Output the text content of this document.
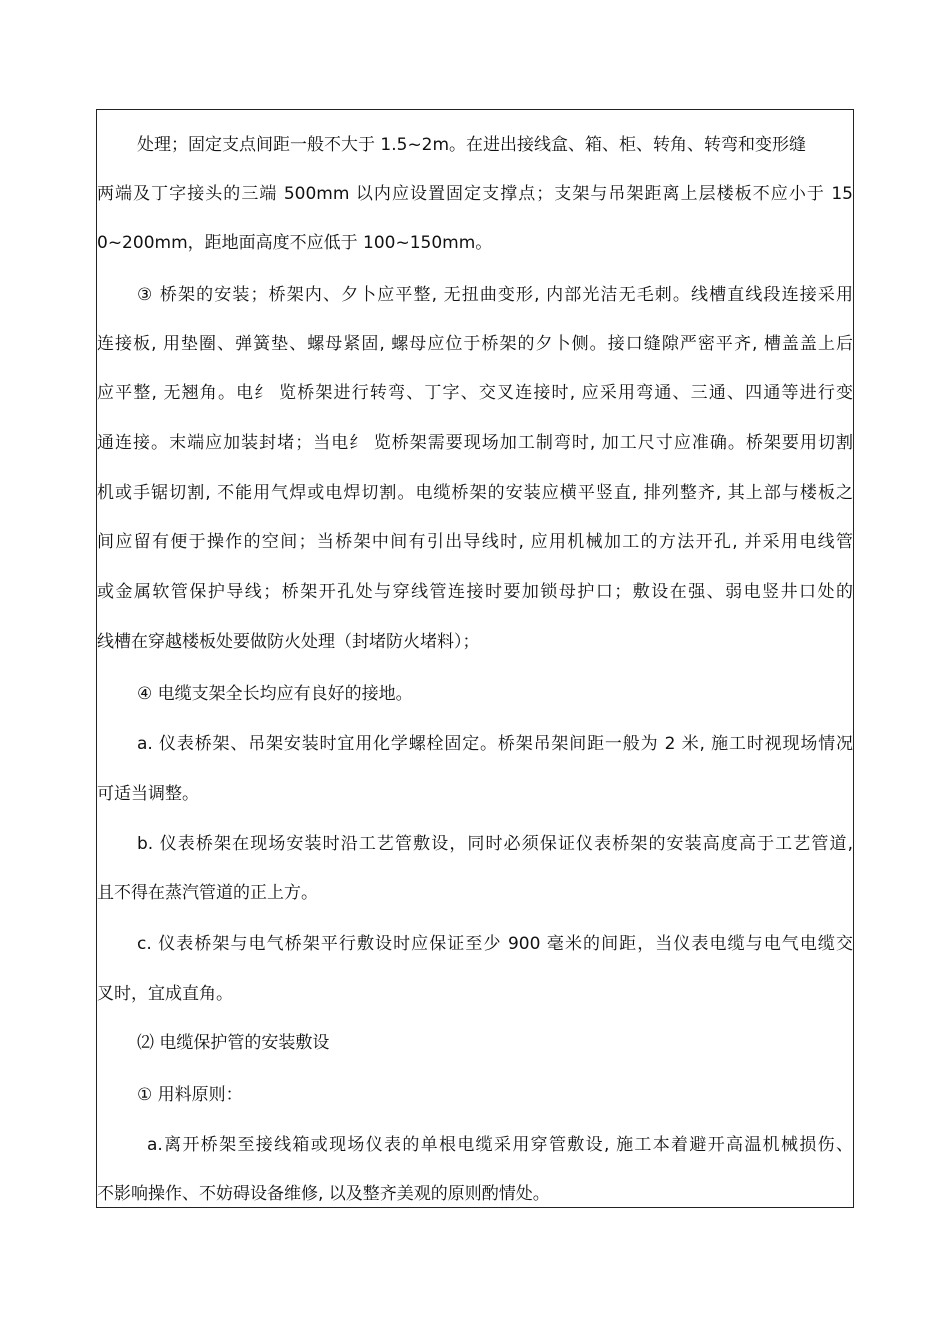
处理；固定支点间距一般不大于 1.5~2m。在进出接线盒、箱、柜、转角、转弯和变形缝
两端及丁字接头的三端 500mm 以内应设置固定支撑点；支架与吊架距离上层楼板不应小于 15
0~200mm，距地面高度不应低于 100~150mm。
③ 桥架的安装；桥架内、夕卜应平整, 无扭曲变形, 内部光洁无毛刺。线槽直线段连接采用
连接板, 用垫圈、弹簧垫、螺母紧固, 螺母应位于桥架的夕卜侧。接口缝隙严密平齐, 槽盖盖上后
应平整, 无翘角。电纟 览桥架进行转弯、丁字、交叉连接时, 应采用弯通、三通、四通等进行变
通连接。末端应加装封堵；当电纟 览桥架需要现场加工制弯时, 加工尺寸应准确。桥架要用切割
机或手锯切割, 不能用气焊或电焊切割。电缆桥架的安装应横平竖直, 排列整齐, 其上部与楼板之
间应留有便于操作的空间；当桥架中间有引出导线时, 应用机械加工的方法开孔, 并采用电线管
或金属软管保护导线；桥架开孔处与穿线管连接时要加锁母护口；敷设在强、弱电竖井口处的
线槽在穿越楼板处要做防火处理（封堵防火堵料）；
④ 电缆支架全长均应有良好的接地。
a. 仪表桥架、吊架安装时宜用化学螺栓固定。桥架吊架间距一般为 2 米, 施工时视现场情况
可适当调整。
b. 仪表桥架在现场安装时沿工艺管敷设，同时必须保证仪表桥架的安装高度高于工艺管道,
且不得在蒸汽管道的正上方。
c. 仪表桥架与电气桥架平行敷设时应保证至少 900 毫米的间距，当仪表电缆与电气电缆交
叉时，宜成直角。
⑵ 电缆保护管的安装敷设
① 用料原则：
a.离开桥架至接线箱或现场仪表的单根电缆采用穿管敷设, 施工本着避开高温机械损伤、
不影响操作、不妨碍设备维修, 以及整齐美观的原则酌情处。
